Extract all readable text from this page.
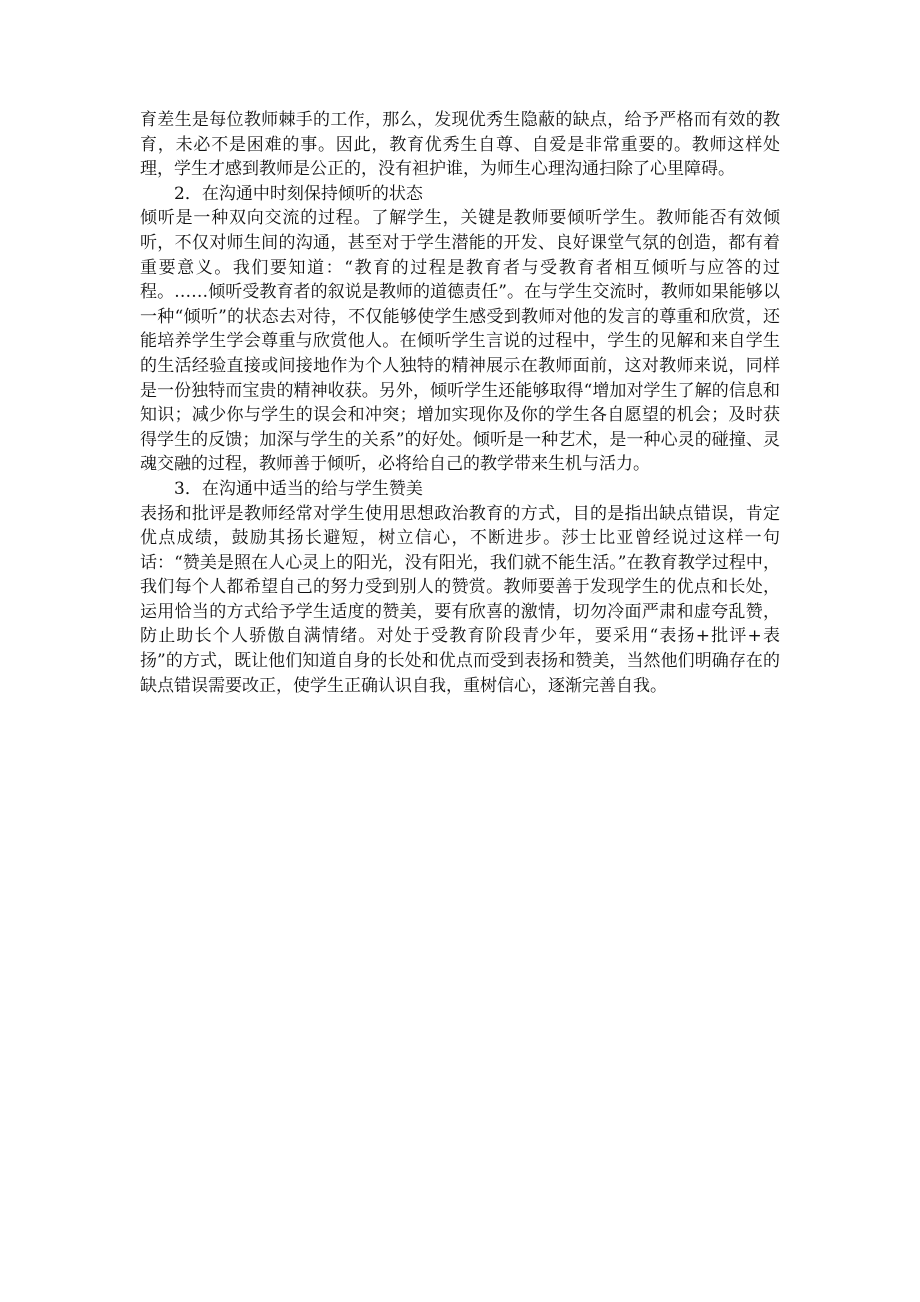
育差生是每位教师棘手的工作，那么，发现优秀生隐蔽的缺点，给予严格而有效的教育，未必不是困难的事。因此，教育优秀生自尊、自爱是非常重要的。教师这样处理，学生才感到教师是公正的，没有袒护谁，为师生心理沟通扫除了心里障碍。

2．在沟通中时刻保持倾听的状态

倾听是一种双向交流的过程。了解学生，关键是教师要倾听学生。教师能否有效倾听，不仅对师生间的沟通，甚至对于学生潜能的开发、良好课堂气氛的创造，都有着重要意义。我们要知道：“教育的过程是教育者与受教育者相互倾听与应答的过程。……倾听受教育者的叙说是教师的道德责任”。在与学生交流时，教师如果能够以一种“倾听”的状态去对待，不仅能够使学生感受到教师对他的发言的尊重和欣赏，还能培养学生学会尊重与欣赏他人。在倾听学生言说的过程中，学生的见解和来自学生的生活经验直接或间接地作为个人独特的精神展示在教师面前，这对教师来说，同样是一份独特而宝贵的精神收获。另外，倾听学生还能够取得“增加对学生了解的信息和知识；减少你与学生的误会和冲突；增加实现你及你的学生各自愿望的机会；及时获得学生的反馈；加深与学生的关系”的好处。倾听是一种艺术，是一种心灵的碰撞、灵魂交融的过程，教师善于倾听，必将给自己的教学带来生机与活力。

3．在沟通中适当的给与学生赞美

表扬和批评是教师经常对学生使用思想政治教育的方式，目的是指出缺点错误，肯定优点成绩，鼓励其扬长避短，树立信心，不断进步。莎士比亚曾经说过这样一句话：“赞美是照在人心灵上的阳光，没有阳光，我们就不能生活。”在教育教学过程中，我们每个人都希望自己的努力受到别人的赞赏。教师要善于发现学生的优点和长处，运用恰当的方式给予学生适度的赞美，要有欣喜的激情，切勿冷面严肃和虚夸乱赞，防止助长个人骄傲自满情绪。对处于受教育阶段青少年，要采用“表扬+批评+表扬”的方式，既让他们知道自身的长处和优点而受到表扬和赞美，当然他们明确存在的缺点错误需要改正，使学生正确认识自我，重树信心，逐渐完善自我。
